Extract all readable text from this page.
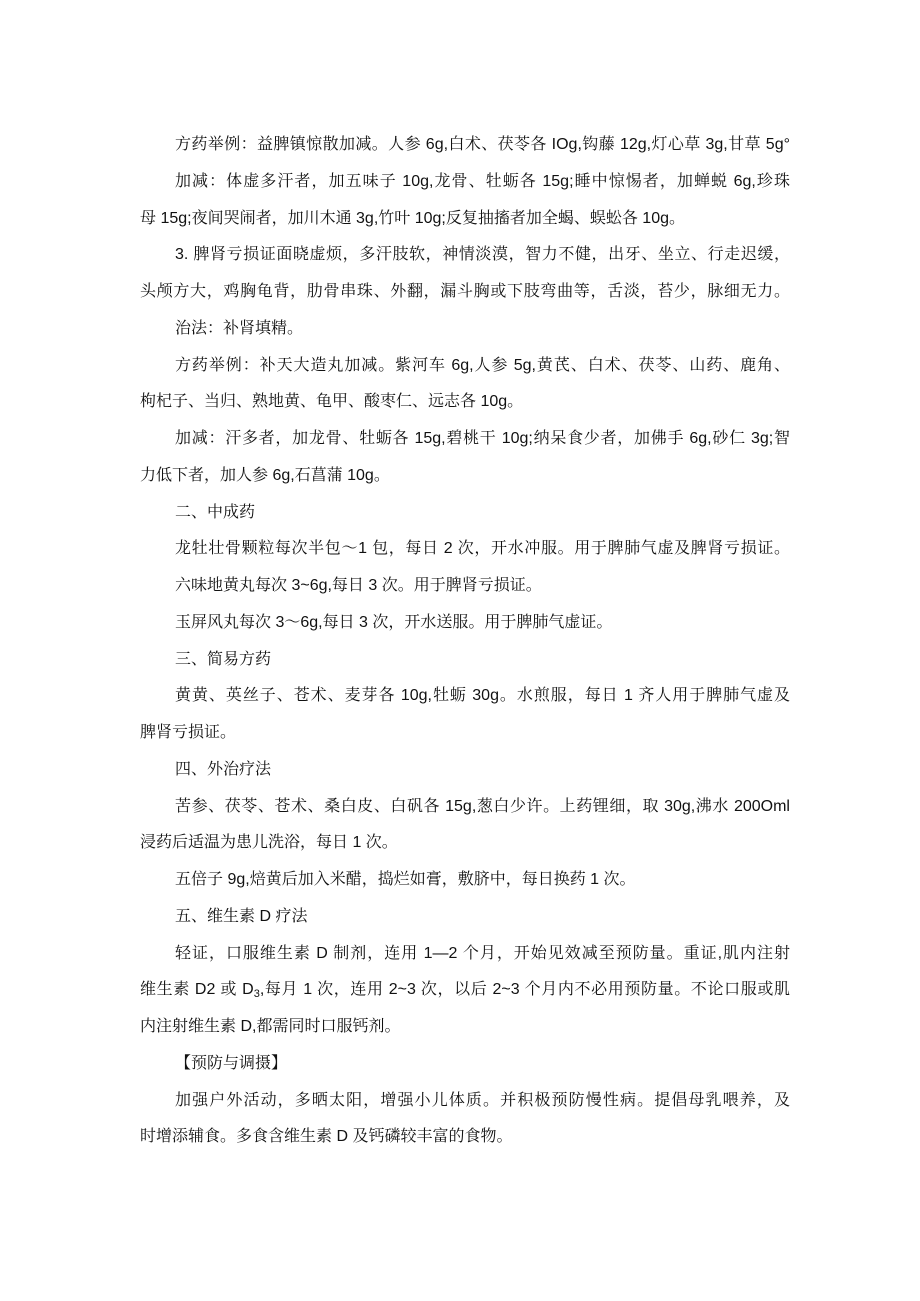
方药举例：益脾镇惊散加减。人参 6g,白术、茯苓各 IOg,钩藤 12g,灯心草 3g,甘草 5g°
加减：体虚多汗者，加五味子 10g,龙骨、牡蛎各 15g;睡中惊惕者，加蝉蜕 6g,珍珠
母 15g;夜间哭闹者，加川木通 3g,竹叶 10g;反复抽搐者加全蝎、蜈蚣各 10g。
3. 脾肾亏损证面晓虚烦，多汗肢软，神情淡漠，智力不健，出牙、坐立、行走迟缓，
头颅方大，鸡胸龟背，肋骨串珠、外翻，漏斗胸或下肢弯曲等，舌淡，苔少，脉细无力。
治法：补肾填精。
方药举例：补天大造丸加减。紫河车 6g,人参 5g,黄芪、白术、茯苓、山药、鹿角、
枸杞子、当归、熟地黄、龟甲、酸枣仁、远志各 10g。
加减：汗多者，加龙骨、牡蛎各 15g,碧桃干 10g;纳呆食少者，加佛手 6g,砂仁 3g;智
力低下者，加人参 6g,石菖蒲 10g。
二、中成药
龙牡壮骨颗粒每次半包～1 包，每日 2 次，开水冲服。用于脾肺气虚及脾肾亏损证。
六味地黄丸每次 3~6g,每日 3 次。用于脾肾亏损证。
玉屏风丸每次 3～6g,每日 3 次，开水送服。用于脾肺气虚证。
三、简易方药
黄黄、英丝子、苍术、麦芽各 10g,牡蛎 30g。水煎服，每日 1 齐人用于脾肺气虚及
脾肾亏损证。
四、外治疗法
苦参、茯苓、苍术、桑白皮、白矾各 15g,葱白少许。上药锂细，取 30g,沸水 200Oml
浸药后适温为患儿洗浴，每日 1 次。
五倍子 9g,焙黄后加入米醋，捣烂如膏，敷脐中，每日换药 1 次。
五、维生素 D 疗法
轻证，口服维生素 D 制剂，连用 1—2 个月，开始见效减至预防量。重证,肌内注射
维生素 D2 或 $D_3$,每月 1 次，连用 2~3 次，以后 2~3 个月内不必用预防量。不论口服或肌
内注射维生素 D,都需同时口服钙剂。
【预防与调摄】
加强户外活动，多晒太阳，增强小儿体质。并积极预防慢性病。提倡母乳喂养，及
时增添辅食。多食含维生素 D 及钙磷较丰富的食物。
